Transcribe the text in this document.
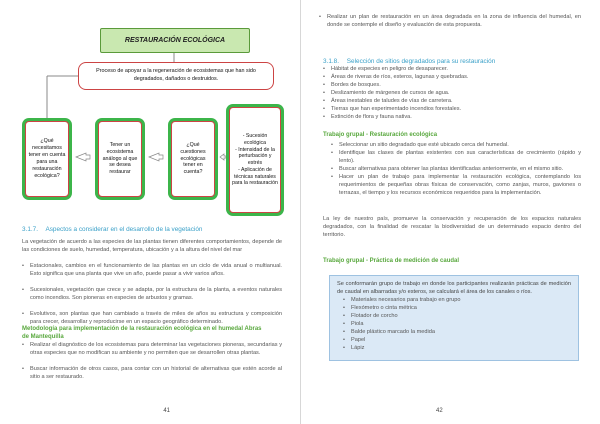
RESTAURACIÓN ECOLÓGICA
Proceso de apoyar a la regeneración de ecosistemas que han sido degradados, dañados o destruidos.
¿Qué necesitamos tener en cuenta para una restauración ecológica?
Tener un ecosistema análogo al que se desea restaurar
¿Qué cuestiones ecológicas tener en cuenta?
- Sucesión ecológica
- Intensidad de la perturbación y estrés
- Aplicación de técnicas naturales para la restauración
3.1.7. Aspectos a considerar en el desarrollo de la vegetación
La vegetación de acuerdo a las especies de las plantas tienen diferentes comportamientos, depende de las condiciones de suelo, humedad, temperatura, ubicación y a la altura del nivel del mar
• Estacionales, cambios en el funcionamiento de las plantas en un ciclo de vida anual o multianual. Esto significa que una planta que vive un año, puede pasar a vivir varios años.
• Sucesionales, vegetación que crece y se adapta, por la estructura de la planta, a eventos naturales como incendios. Son pioneras en especies de arbustos y gramas.
• Evolutivos, son plantas que han cambiado a través de miles de años su estructura y composición para crecer, desarrollar y reproducirse en un espacio geográfico determinado.
Metodología para implementación de la restauración ecológica en el humedal Abras de Mantequilla
• Realizar el diagnóstico de los ecosistemas para determinar las vegetaciones pioneras, secundarias y otras especies que no modifican su ambiente y no permiten que se desarrollen otras plantas.
• Buscar información de otros casos, para contar con un historial de alternativas que estén acorde al sitio a ser restaurado.
41
• Realizar un plan de restauración en un área degradada en la zona de influencia del humedal, en donde se contemple el diseño y evaluación de esta propuesta.
3.1.8. Selección de sitios degradados para su restauración
• Hábitat de especies en peligro de desaparecer.
• Áreas de riveras de ríos, esteros, lagunas y quebradas.
• Bordes de bosques.
• Deslizamiento de márgenes de cursos de agua.
• Áreas inestables de taludes de vías de carretera.
• Tierras que han experimentado incendios forestales.
• Extinción de flora y fauna nativa.
Trabajo grupal - Restauración ecológica
• Seleccionar un sitio degradado que esté ubicado cerca del humedal.
• Identifique las clases de plantas existentes con sus características de crecimiento (rápido y lento).
• Buscar alternativas para obtener las plantas identificadas anteriormente, en el mismo sitio.
• Hacer un plan de trabajo para implementar la restauración ecológica, contemplando los requerimientos de pequeñas obras físicas de conservación, como zanjas, muros, gaviones o terrazas, el tiempo y los recursos económicos requeridos para la implementación.
La ley de nuestro país, promueve la conservación y recuperación de los espacios naturales degradados, con la finalidad de rescatar la biodiversidad de un determinado espacio dentro del territorio.
Trabajo grupal - Práctica de medición de caudal
Se conformarán grupo de trabajo en donde los participantes realizarán prácticas de medición de caudal en albarradas y/o esteros, se calculará el área de los canales o ríos.
• Materiales necesarios para trabajo en grupo
• Flexómetro o cinta métrica
• Flotador de corcho
• Piola
• Balde plástico marcado la medida
• Papel
• Lápiz
42
